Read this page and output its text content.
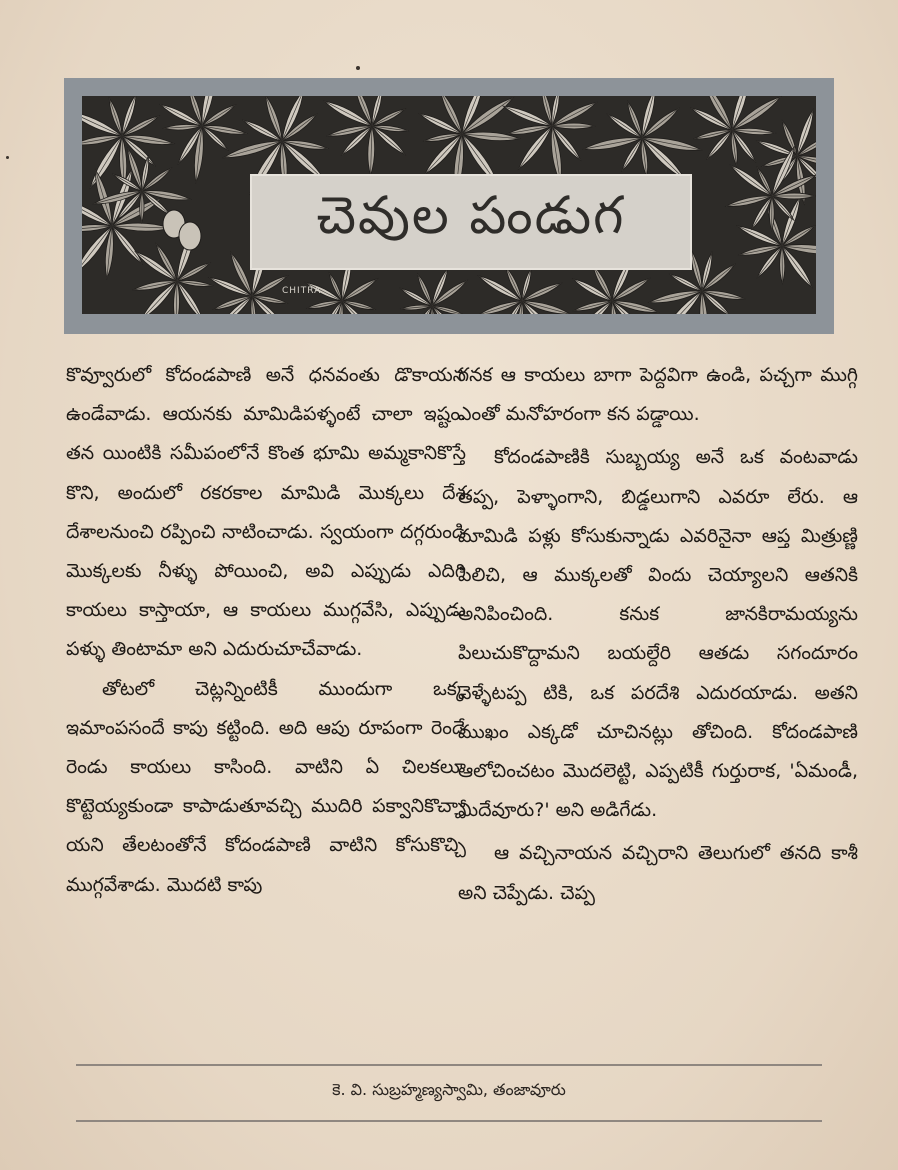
చెవుల పండుగ
CHITRA

కొవ్వూరులో కోదండపాణి అనే ధనవంతు డొకాయన ఉండేవాడు. ఆయనకు మామిడిపళ్ళంటే చాలా ఇష్టం. తన యింటికి సమీపంలోనే కొంత భూమి అమ్మకానికొస్తే కొని, అందులో రకరకాల మామిడి మొక్కలు దేశ దేశాలనుంచి రప్పించి నాటించాడు. స్వయంగా దగ్గరుండి మొక్కలకు నీళ్ళు పోయించి, అవి ఎప్పుడు ఎదిగి కాయలు కాస్తాయా, ఆ కాయలు ముగ్గవేసి, ఎప్పుడు పళ్ళు తింటామా అని ఎదురుచూచేవాడు.

తోటలో చెట్లన్నింటికీ ముందుగా ఒక్క ఇమాంపసందే కాపు కట్టింది. అది ఆపు రూపంగా రెండే రెండు కాయలు కాసింది. వాటిని ఏ చిలకలూ కొట్టెయ్యకుండా కాపాడుతూవచ్చి ముదిరి పక్వానికొచ్చా యని తేలటంతోనే కోదండపాణి వాటిని కోసుకొచ్చి ముగ్గవేశాడు. మొదటి కాపు

గనక ఆ కాయలు బాగా పెద్దవిగా ఉండి, పచ్చగా ముగ్గి ఎంతో మనోహరంగా కన పడ్డాయి.

కోదండపాణికి సుబ్బయ్య అనే ఒక వంటవాడు తప్ప, పెళ్ళాంగాని, బిడ్డలుగాని ఎవరూ లేరు. ఆ మామిడి పళ్లు కోసుకున్నాడు ఎవరినైనా ఆప్త మిత్రుణ్ణి పిలిచి, ఆ ముక్కలతో విందు చెయ్యాలని ఆతనికి అనిపించింది. కనుక జానకిరామయ్యను పిలుచుకొద్దామని బయల్దేరి ఆతడు సగందూరం వెళ్ళేటప్ప టికి, ఒక పరదేశి ఎదురయాడు. అతని ముఖం ఎక్కడో చూచినట్లు తోచింది. కోదండపాణి ఆలోచించటం మొదలెట్టి, ఎప్పటికీ గుర్తురాక, 'ఏమండీ, మీదేవూరు?' అని అడిగేడు.

ఆ వచ్చినాయన వచ్చిరాని తెలుగులో తనది కాశీ అని చెప్పేడు. చెప్ప

కె. వి. సుబ్రహ్మణ్యస్వామి, తంజావూరు
